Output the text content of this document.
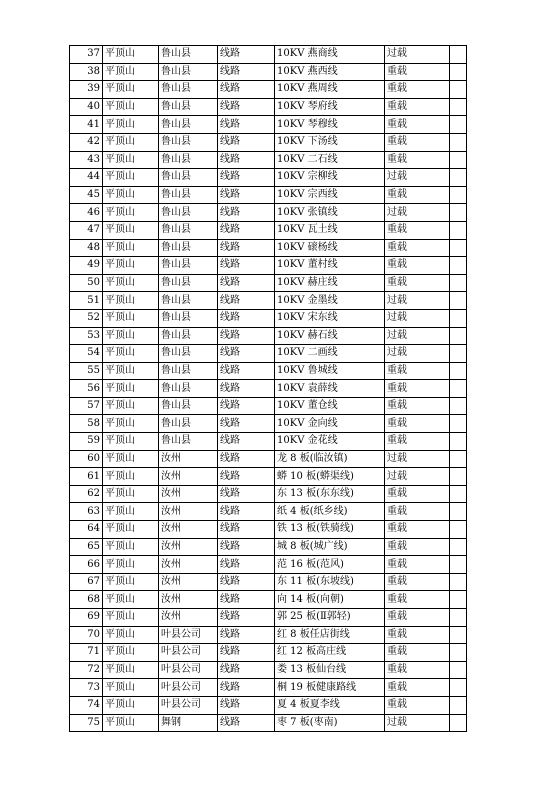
37	平顶山	鲁山县	线路	10KV 燕商线	过载	
38	平顶山	鲁山县	线路	10KV 燕西线	重载	
39	平顶山	鲁山县	线路	10KV 燕周线	重载	
40	平顶山	鲁山县	线路	10KV 琴府线	重载	
41	平顶山	鲁山县	线路	10KV 琴穆线	重载	
42	平顶山	鲁山县	线路	10KV 下汤线	重载	
43	平顶山	鲁山县	线路	10KV 二石线	重载	
44	平顶山	鲁山县	线路	10KV 宗柳线	过载	
45	平顶山	鲁山县	线路	10KV 宗西线	重载	
46	平顶山	鲁山县	线路	10KV 张镇线	过载	
47	平顶山	鲁山县	线路	10KV 瓦土线	重载	
48	平顶山	鲁山县	线路	10KV 磙杨线	重载	
49	平顶山	鲁山县	线路	10KV 董村线	重载	
50	平顶山	鲁山县	线路	10KV 赫庄线	重载	
51	平顶山	鲁山县	线路	10KV 金墨线	过载	
52	平顶山	鲁山县	线路	10KV 宋东线	过载	
53	平顶山	鲁山县	线路	10KV 赫石线	过载	
54	平顶山	鲁山县	线路	10KV 二画线	过载	
55	平顶山	鲁山县	线路	10KV 鲁城线	重载	
56	平顶山	鲁山县	线路	10KV 袁薛线	重载	
57	平顶山	鲁山县	线路	10KV 董仓线	重载	
58	平顶山	鲁山县	线路	10KV 金向线	重载	
59	平顶山	鲁山县	线路	10KV 金花线	重载	
60	平顶山	汝州	线路	龙 8 板(临汝镇)	过载	
61	平顶山	汝州	线路	蟒 10 板(蟒渠线)	过载	
62	平顶山	汝州	线路	东 13 板(东东线)	重载	
63	平顶山	汝州	线路	纸 4 板(纸乡线)	重载	
64	平顶山	汝州	线路	铁 13 板(铁骑线)	重载	
65	平顶山	汝州	线路	城 8 板(城广线)	重载	
66	平顶山	汝州	线路	范 16 板(范风)	重载	
67	平顶山	汝州	线路	东 11 板(东坡线)	重载	
68	平顶山	汝州	线路	向 14 板(向朝)	重载	
69	平顶山	汝州	线路	郭 25 板(Ⅱ郭轻)	重载	
70	平顶山	叶县公司	线路	红 8 板任店街线	重载	
71	平顶山	叶县公司	线路	红 12 板高庄线	重载	
72	平顶山	叶县公司	线路	娄 13 板仙台线	重载	
73	平顶山	叶县公司	线路	桐 19 板健康路线	重载	
74	平顶山	叶县公司	线路	夏 4 板夏李线	重载	
75	平顶山	舞钢	线路	枣 7 板(枣南)	过载	
